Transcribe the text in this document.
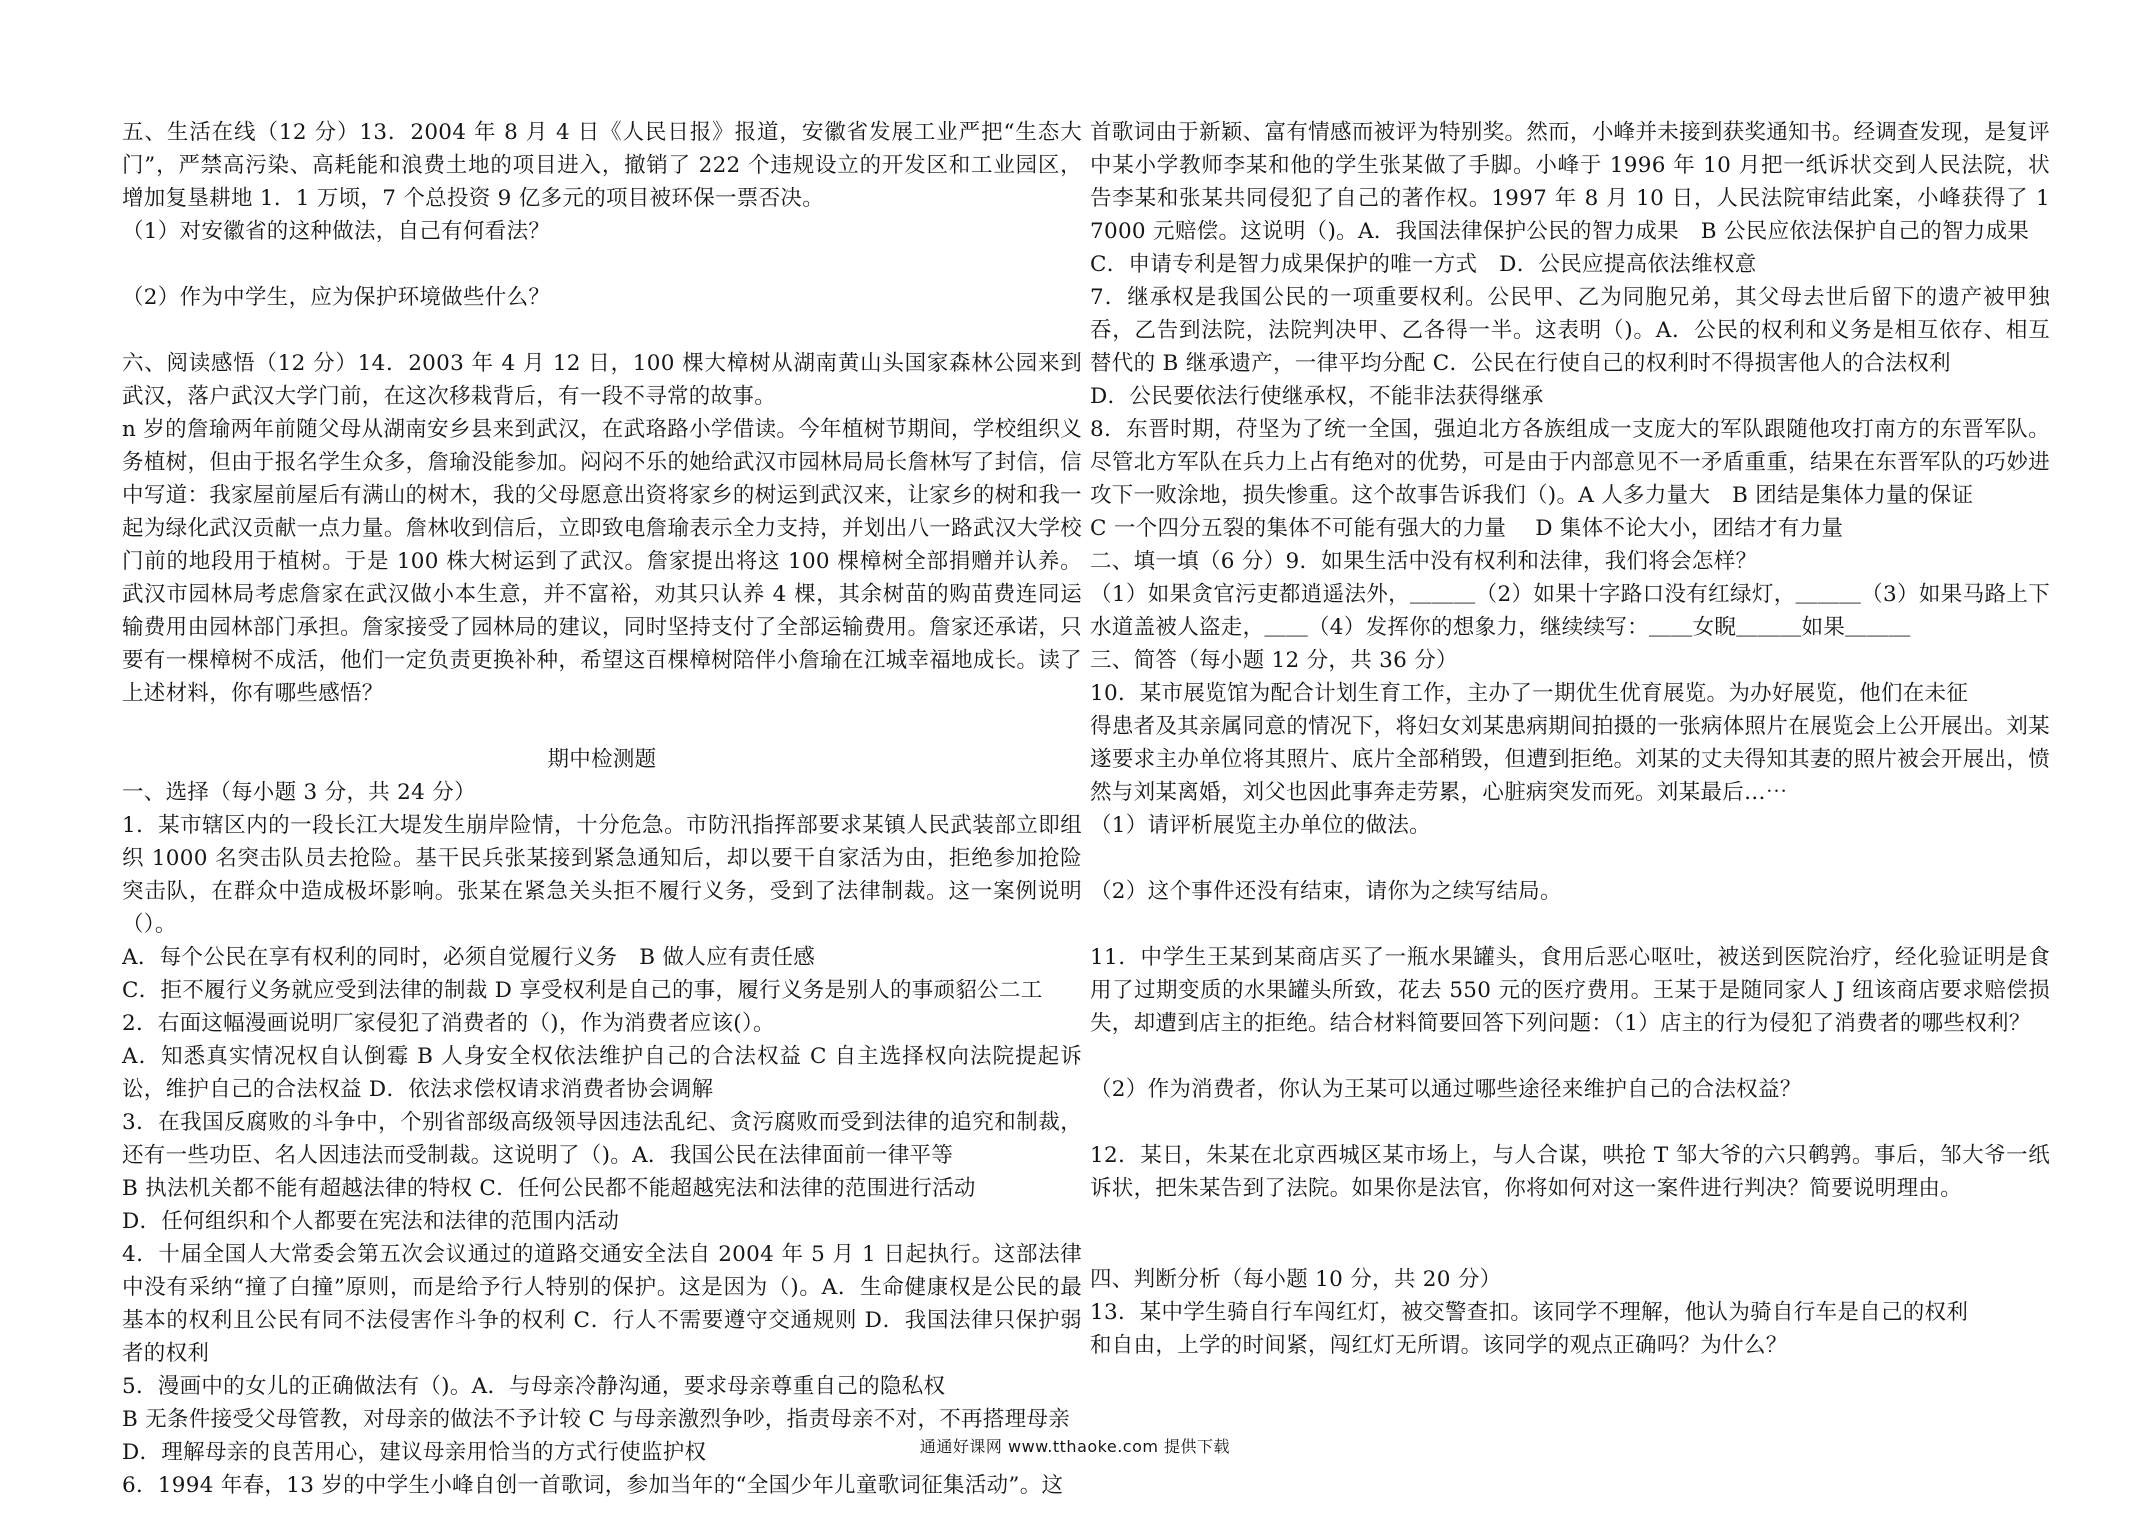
五、生活在线（12 分）13．2004 年 8 月 4 日《人民日报》报道，安徽省发展工业严把“生态大门”，严禁高污染、高耗能和浪费土地的项目进入，撤销了 222 个违规设立的开发区和工业园区，增加复垦耕地 1．1 万顷，7 个总投资 9 亿多元的项目被环保一票否决。

（1）对安徽省的这种做法，自己有何看法？

（2）作为中学生，应为保护环境做些什么？

六、阅读感悟（12 分）14．2003 年 4 月 12 日，100 棵大樟树从湖南黄山头国家森林公园来到武汉，落户武汉大学门前，在这次移栽背后，有一段不寻常的故事。

n 岁的詹瑜两年前随父母从湖南安乡县来到武汉，在武珞路小学借读。今年植树节期间，学校组织义务植树，但由于报名学生众多，詹瑜没能参加。闷闷不乐的她给武汉市园林局局长詹林写了封信，信中写道：我家屋前屋后有满山的树木，我的父母愿意出资将家乡的树运到武汉来，让家乡的树和我一起为绿化武汉贡献一点力量。詹林收到信后，立即致电詹瑜表示全力支持，并划出八一路武汉大学校门前的地段用于植树。于是 100 株大树运到了武汉。詹家提出将这 100 棵樟树全部捐赠并认养。武汉市园林局考虑詹家在武汉做小本生意，并不富裕，劝其只认养 4 棵，其余树苗的购苗费连同运输费用由园林部门承担。詹家接受了园林局的建议，同时坚持支付了全部运输费用。詹家还承诺，只要有一棵樟树不成活，他们一定负责更换补种，希望这百棵樟树陪伴小詹瑜在江城幸福地成长。读了上述材料，你有哪些感悟？

期中检测题

一、选择（每小题 3 分，共 24 分）

1．某市辖区内的一段长江大堤发生崩岸险情，十分危急。市防汛指挥部要求某镇人民武装部立即组织 1000 名突击队员去抢险。基干民兵张某接到紧急通知后，却以要干自家活为由，拒绝参加抢险突击队，在群众中造成极坏影响。张某在紧急关头拒不履行义务，受到了法律制裁。这一案例说明（）。

A．每个公民在享有权利的同时，必须自觉履行义务　B 做人应有责任感

C．拒不履行义务就应受到法律的制裁 D 享受权利是自己的事，履行义务是别人的事顽貂公二工

2．右面这幅漫画说明厂家侵犯了消费者的（)，作为消费者应该(）。

A．知悉真实情况权自认倒霉 B 人身安全权依法维护自己的合法权益 C 自主选择权向法院提起诉讼，维护自己的合法权益 D．依法求偿权请求消费者协会调解

3．在我国反腐败的斗争中，个别省部级高级领导因违法乱纪、贪污腐败而受到法律的追究和制裁，还有一些功臣、名人因违法而受制裁。这说明了（)。A．我国公民在法律面前一律平等

B 执法机关都不能有超越法律的特权 C．任何公民都不能超越宪法和法律的范围进行活动

D．任何组织和个人都要在宪法和法律的范围内活动

4．十届全国人大常委会第五次会议通过的道路交通安全法自 2004 年 5 月 1 日起执行。这部法律中没有采纳“撞了白撞”原则，而是给予行人特别的保护。这是因为（)。A．生命健康权是公民的最基本的权利且公民有同不法侵害作斗争的权利 C．行人不需要遵守交通规则 D．我国法律只保护弱者的权利

5．漫画中的女儿的正确做法有（)。A．与母亲冷静沟通，要求母亲尊重自己的隐私权

B 无条件接受父母管教，对母亲的做法不予计较 C 与母亲激烈争吵，指责母亲不对，不再搭理母亲

D．理解母亲的良苦用心，建议母亲用恰当的方式行使监护权

6．1994 年春，13 岁的中学生小峰自创一首歌词，参加当年的“全国少年儿童歌词征集活动”。这

首歌词由于新颖、富有情感而被评为特别奖。然而，小峰并未接到获奖通知书。经调查发现，是复评中某小学教师李某和他的学生张某做了手脚。小峰于 1996 年 10 月把一纸诉状交到人民法院，状告李某和张某共同侵犯了自己的著作权。1997 年 8 月 10 日，人民法院审结此案，小峰获得了 1 7000 元赔偿。这说明（)。A．我国法律保护公民的智力成果　B 公民应依法保护自己的智力成果

C．申请专利是智力成果保护的唯一方式　D．公民应提高依法维权意

7．继承权是我国公民的一项重要权利。公民甲、乙为同胞兄弟，其父母去世后留下的遗产被甲独吞，乙告到法院，法院判决甲、乙各得一半。这表明（)。A．公民的权利和义务是相互依存、相互替代的 B 继承遗产，一律平均分配 C．公民在行使自己的权利时不得损害他人的合法权利

D．公民要依法行使继承权，不能非法获得继承

8．东晋时期，苻坚为了统一全国，强迫北方各族组成一支庞大的军队跟随他攻打南方的东晋军队。尽管北方军队在兵力上占有绝对的优势，可是由于内部意见不一矛盾重重，结果在东晋军队的巧妙进攻下一败涂地，损失惨重。这个故事告诉我们（)。A 人多力量大　B 团结是集体力量的保证

C 一个四分五裂的集体不可能有强大的力量　 D 集体不论大小，团结才有力量

二、填一填（6 分）9．如果生活中没有权利和法律，我们将会怎样？

（1）如果贪官污吏都逍遥法外，＿＿＿（2）如果十字路口没有红绿灯，＿＿＿（3）如果马路上下水道盖被人盗走，＿＿（4）发挥你的想象力，继续续写：＿＿女睨＿＿＿如果＿＿＿

三、简答（每小题 12 分，共 36 分）

10．某市展览馆为配合计划生育工作，主办了一期优生优育展览。为办好展览，他们在未征

得患者及其亲属同意的情况下，将妇女刘某患病期间拍摄的一张病体照片在展览会上公开展出。刘某遂要求主办单位将其照片、底片全部稍毁，但遭到拒绝。刘某的丈夫得知其妻的照片被会开展出，愤然与刘某离婚，刘父也因此事奔走劳累，心脏病突发而死。刘某最后…⋯

（1）请评析展览主办单位的做法。

（2）这个事件还没有结束，请你为之续写结局。

11．中学生王某到某商店买了一瓶水果罐头，食用后恶心呕吐，被送到医院治疗，经化验证明是食用了过期变质的水果罐头所致，花去 550 元的医疗费用。王某于是随同家人 J 纽该商店要求赔偿损失，却遭到店主的拒绝。结合材料简要回答下列问题：（1）店主的行为侵犯了消费者的哪些权利？

（2）作为消费者，你认为王某可以通过哪些途径来维护自己的合法权益？

12．某日，朱某在北京西城区某市场上，与人合谋，哄抢 T 邹大爷的六只鹌鹑。事后，邹大爷一纸诉状，把朱某告到了法院。如果你是法官，你将如何对这一案件进行判决？简要说明理由。

四、判断分析（每小题 10 分，共 20 分）

13．某中学生骑自行车闯红灯，被交警查扣。该同学不理解，他认为骑自行车是自己的权利

和自由，上学的时间紧，闯红灯无所谓。该同学的观点正确吗？为什么？

通通好课网 www.tthaoke.com 提供下载
